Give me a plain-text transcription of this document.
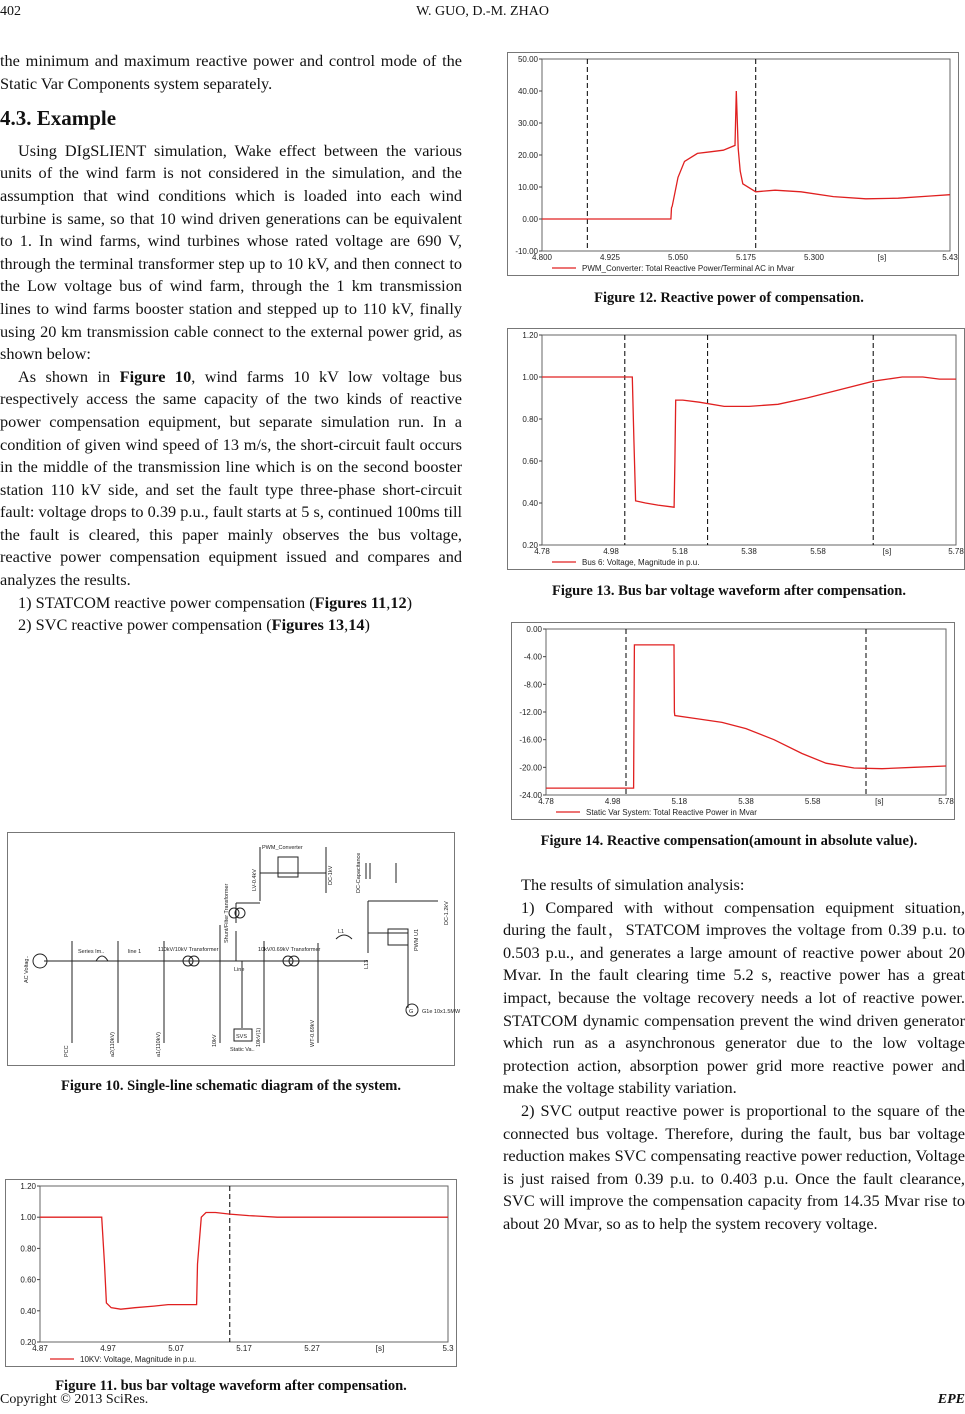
402	W. GUO, D.-M. ZHAO

the minimum and maximum reactive power and control mode of the Static Var Components system separately.

4.3. Example

Using DIgSLIENT simulation, Wake effect between the various units of the wind farm is not considered in the simulation, and the assumption that wind conditions which is loaded into each wind turbine is same, so that 10 wind driven generations can be equivalent to 1. In wind farms, wind turbines whose rated voltage are 690 V, through the terminal transformer step up to 10 kV, and then connect to the Low voltage bus of wind farm, through the 1 km transmission lines to wind farms booster station and stepped up to 110 kV, finally using 20 km transmission cable connect to the external power grid, as shown below:

As shown in Figure 10, wind farms 10 kV low voltage bus respectively access the same capacity of the two kinds of reactive power compensation equipment, but separate simulation run. In a condition of given wind speed of 13 m/s, the short-circuit fault occurs in the middle of the transmission line which is on the second booster station 110 kV side, and set the fault type three-phase short-circuit fault: voltage drops to 0.39 p.u., fault starts at 5 s, continued 100ms till the fault is cleared, this paper mainly observes the bus voltage, reactive power compensation equipment issued and compares and analyzes the results.

1) STATCOM reactive power compensation (Figures 11,12)

2) SVC reactive power compensation (Figures 13,14)

AC Voltag..
PCC	a2(110kV)	a1(110kV)
Series Im..	line 1	110kV/10kV Transformer
10kV
Line
10kV(1)
10kV/0.69kV Transformer
SVS
Static Va..
WT-0.69kV
LV-0.4kV
PWM_Converter
DC-1kV	DC-Capacitance
DC-1.2kV
Shunt/Filter Transformer	L1
L13
PWM U1
G G1e 10x1.5MW
Figure 10. Single-line schematic diagram of the system.
1.20
1.00
0.80
0.60
0.40
0.20
4.87	4.97	5.07	5.17	5.27	[s]	5.3
10KV: Voltage, Magnitude in p.u.
Figure 11. bus bar voltage waveform after compensation.
50.00
40.00
30.00
20.00
10.00
0.00
-10.00
4.800	4.925	5.050	5.175	5.300	[s]	5.43
PWM_Converter: Total Reactive Power/Terminal AC in Mvar
Figure 12. Reactive power of compensation.
1.20
1.00
0.80
0.60
0.40
0.20
4.78	4.98	5.18	5.38	5.58	[s]	5.78
Bus 6: Voltage, Magnitude in p.u.
Figure 13. Bus bar voltage waveform after compensation.
0.00
-4.00
-8.00
-12.00
-16.00
-20.00
-24.00
4.78	4.98	5.18	5.38	5.58	[s]	5.78
Static Var System: Total Reactive Power in Mvar
Figure 14. Reactive compensation(amount in absolute value).

The results of simulation analysis:

1) Compared with without compensation equipment situation, during the fault，STATCOM improves the voltage from 0.39 p.u. to 0.503 p.u., and generates a large amount of reactive power about 20 Mvar. In the fault clearing time 5.2 s, reactive power has a great impact, because the voltage recovery needs a lot of reactive power. STATCOM dynamic compensation prevent the wind driven generator which run as a asynchronous generator due to the low voltage protection action, absorption power grid more reactive power and make the voltage stability variation.

2) SVC output reactive power is proportional to the square of the connected bus voltage. Therefore, during the fault, bus bar voltage reduction makes SVC compensating reactive power reduction, Voltage is just raised from 0.39 p.u. to 0.403 p.u. Once the fault clearance, SVC will improve the compensation capacity from 14.35 Mvar rise to about 20 Mvar, so as to help the system recovery voltage.

Copyright © 2013 SciRes.	EPE
